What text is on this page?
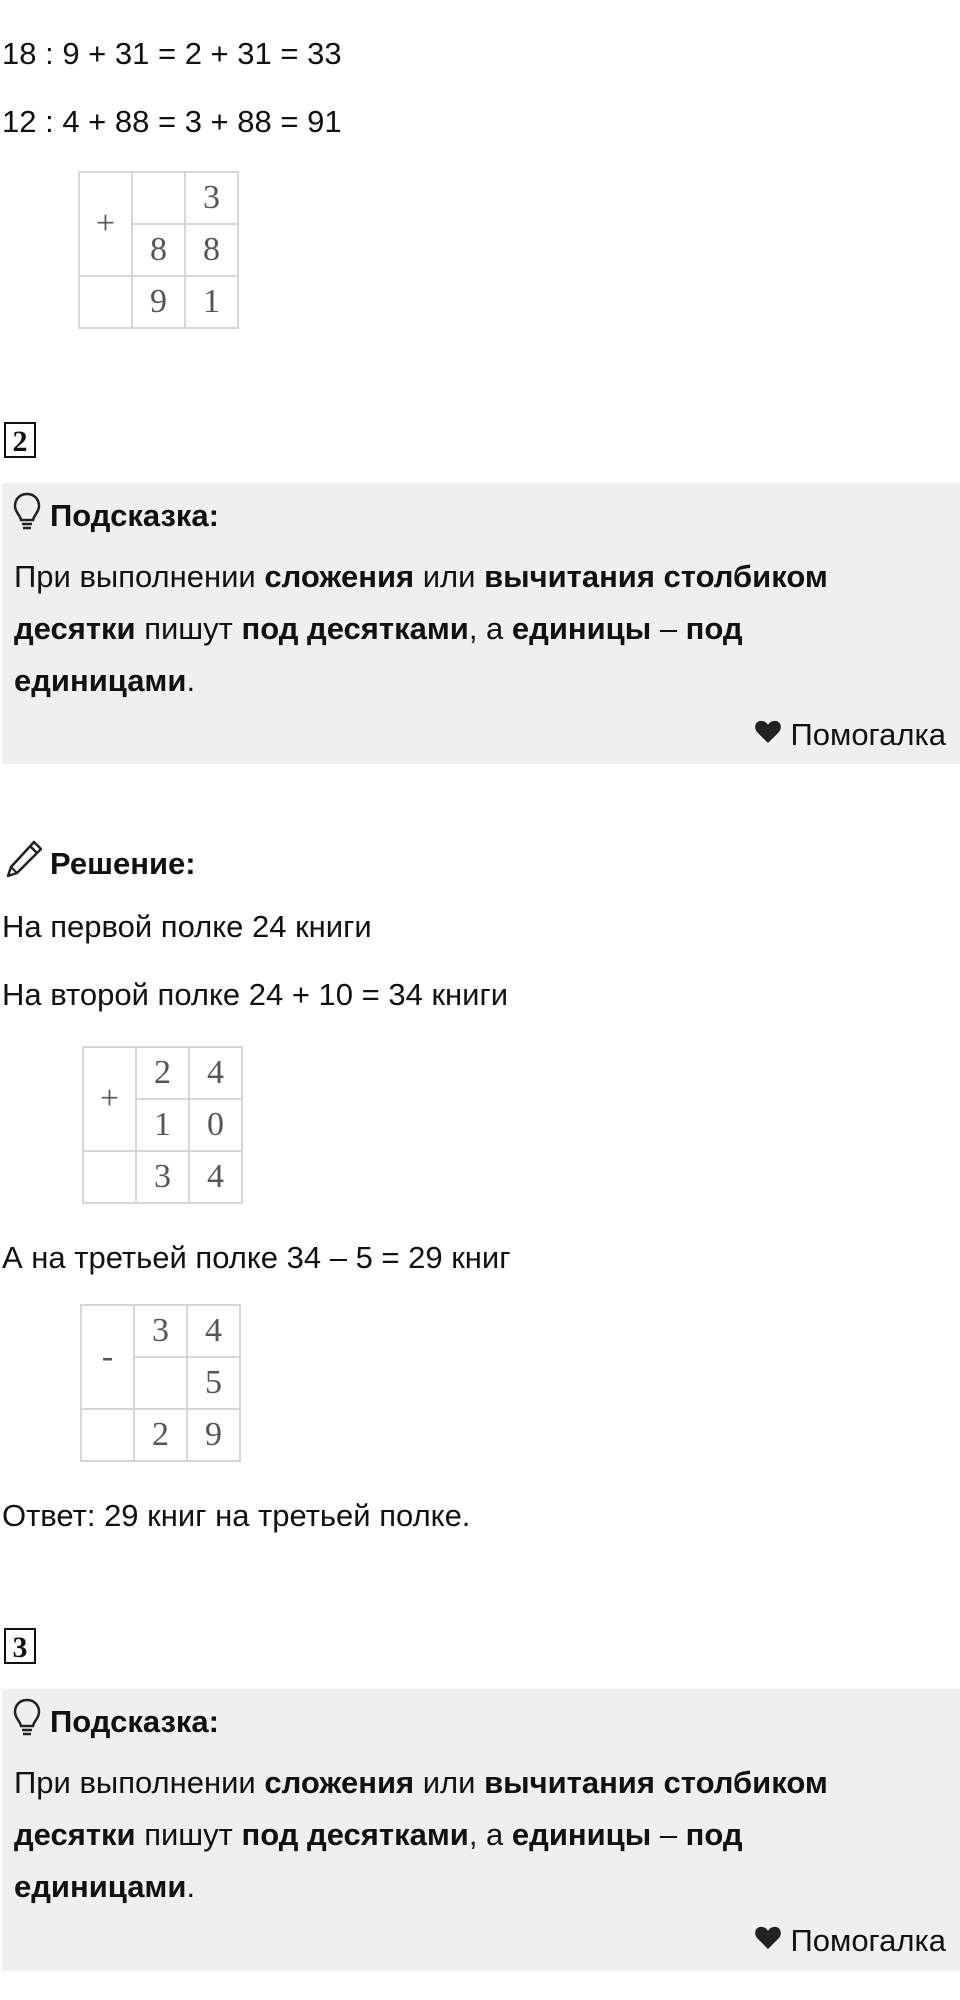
18 : 9 + 31 = 2 + 31 = 33
12 : 4 + 88 = 3 + 88 = 91
+		3
	8	8
	9	1
2
Подсказка:
При выполнении сложения или вычитания столбиком
десятки пишут под десятками, а единицы – под
единицами.
Помогалка
Решение:
На первой полке 24 книги
На второй полке 24 + 10 = 34 книги
+	2	4
	1	0
	3	4
А на третьей полке 34 – 5 = 29 книг
-	3	4
		5
	2	9
Ответ: 29 книг на третьей полке.
3
Подсказка:
При выполнении сложения или вычитания столбиком
десятки пишут под десятками, а единицы – под
единицами.
Помогалка
